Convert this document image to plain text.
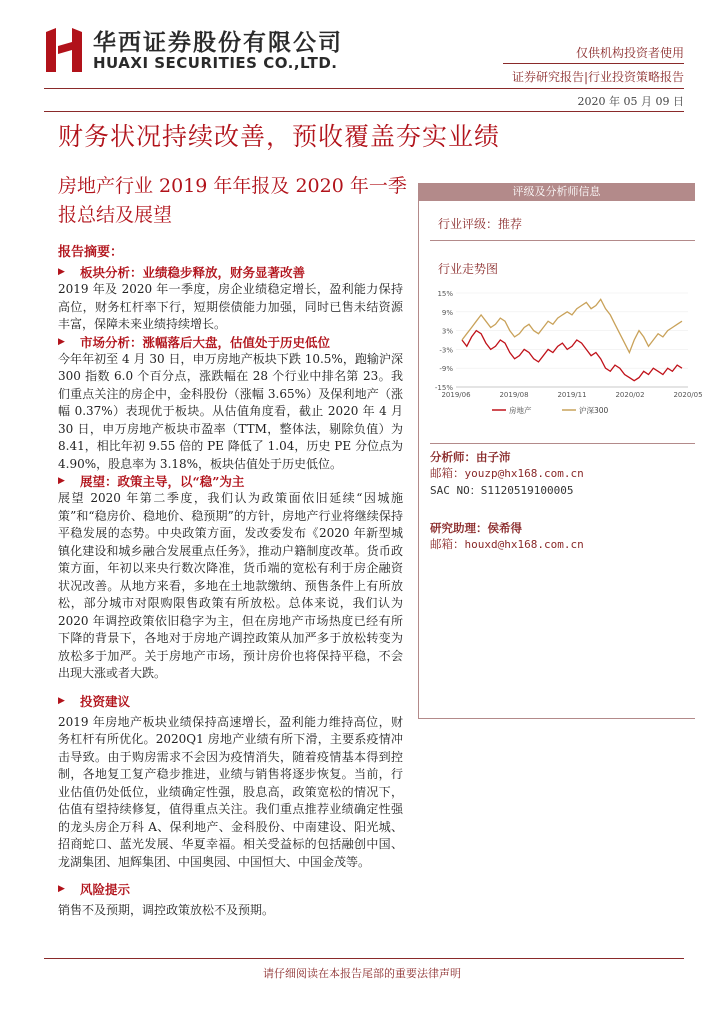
华西证券股份有限公司
HUAXI SECURITIES CO.,LTD.
仅供机构投资者使用
证券研究报告|行业投资策略报告
2020 年 05 月 09 日
财务状况持续改善，预收覆盖夯实业绩
房地产行业 2019 年年报及 2020 年一季报总结及展望
报告摘要：
▶	板块分析：业绩稳步释放，财务显著改善
2019 年及 2020 年一季度，房企业绩稳定增长，盈利能力保持高位，财务杠杆率下行，短期偿债能力加强，同时已售未结资源丰富，保障未来业绩持续增长。
▶	市场分析：涨幅落后大盘，估值处于历史低位
今年年初至 4 月 30 日，申万房地产板块下跌 10.5%，跑输沪深 300 指数 6.0 个百分点，涨跌幅在 28 个行业中排名第 23。我们重点关注的房企中，金科股份（涨幅 3.65%）及保利地产（涨幅 0.37%）表现优于板块。从估值角度看，截止 2020 年 4 月 30 日，申万房地产板块市盈率（TTM，整体法，剔除负值）为 8.41，相比年初 9.55 倍的 PE 降低了 1.04，历史 PE 分位点为 4.90%，股息率为 3.18%，板块估值处于历史低位。
▶	展望：政策主导，以“稳”为主
展望 2020 年第二季度，我们认为政策面依旧延续“因城施策”和“稳房价、稳地价、稳预期”的方针，房地产行业将继续保持平稳发展的态势。中央政策方面，发改委发布《2020 年新型城镇化建设和城乡融合发展重点任务》，推动户籍制度改革。货币政策方面，年初以来央行数次降准，货币端的宽松有利于房企融资状况改善。从地方来看，多地在土地款缴纳、预售条件上有所放松，部分城市对限购限售政策有所放松。总体来说，我们认为 2020 年调控政策依旧稳字为主，但在房地产市场热度已经有所下降的背景下，各地对于房地产调控政策从加严多于放松转变为放松多于加严。关于房地产市场，预计房价也将保持平稳，不会出现大涨或者大跌。
▶	投资建议
2019 年房地产板块业绩保持高速增长，盈利能力维持高位，财务杠杆有所优化。2020Q1 房地产业绩有所下滑，主要系疫情冲击导致。由于购房需求不会因为疫情消失，随着疫情基本得到控制，各地复工复产稳步推进，业绩与销售将逐步恢复。当前，行业估值仍处低位，业绩确定性强，股息高，政策宽松的情况下，估值有望持续修复，值得重点关注。我们重点推荐业绩确定性强的龙头房企万科 A、保利地产、金科股份、中南建设、阳光城、招商蛇口、蓝光发展、华夏幸福。相关受益标的包括融创中国、龙湖集团、旭辉集团、中国奥园、中国恒大、中国金茂等。
▶	风险提示
销售不及预期，调控政策放松不及预期。
评级及分析师信息
行业评级：推荐
行业走势图
15%
9%
3%
-3%
-9%
-15%
2019/06	2019/08	2019/11	2020/02	2020/05
房地产	沪深300
分析师：由子沛
邮箱：youzp@hx168.com.cn
SAC NO：S1120519100005
研究助理：侯希得
邮箱：houxd@hx168.com.cn
请仔细阅读在本报告尾部的重要法律声明
